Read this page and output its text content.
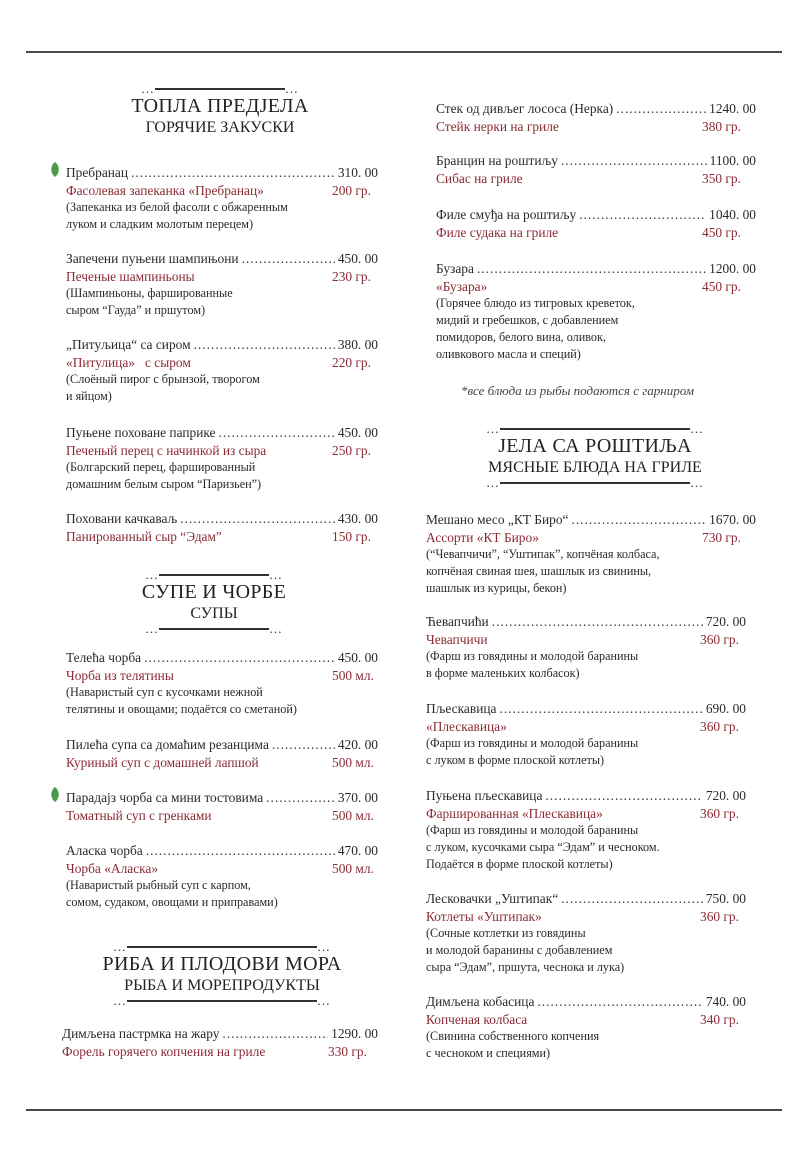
…	…
ТОПЛА ПРЕДЈЕЛА
ГОРЯЧИЕ ЗАКУСКИ
Пребранац .....	310. 00
Фасолевая запеканка «Пребранац»	200 гр.
(Запеканка из белой фасоли с обжаренным
луком и сладким молотым перецем)
Запечени пуњени шампињони .....	450. 00
Печеные шампиньоны	230 гр.
(Шампиньоны, фаршированные
сыром “Гауда” и пршутом)
„Питуљица“ са сиром .....	380. 00
«Питулица»   с сыром	220 гр.
(Слоёный пирог с брынзой, творогом
и яйцом)
Пуњене поховане паприке .....	450. 00
Печеный перец с начинкой из сыра	250 гр.
(Болгарский перец, фаршированный
домашним белым сыром “Паризьен”)
Поховани качкаваљ .....	430. 00
Панированный сыр “Эдам”	150 гр.
…	…
СУПЕ И ЧОРБЕ
СУПЫ
…	…
Телећа чорба .....	450. 00
Чорба из телятины	500 мл.
(Наваристый суп с кусочками нежной
телятины и овощами; подаётся со сметаной)
Пилећа супа са домаћим резанцима .....	420. 00
Куриный суп с домашней лапшой	500 мл.
Парадајз чорба са мини тостовима .....	370. 00
Томатный суп с гренками	500 мл.
Аласка чорба .....	470. 00
Чорба «Аласка»	500 мл.
(Наваристый рыбный суп с карпом,
сомом, судаком, овощами и приправами)
…	…
РИБА И ПЛОДОВИ МОРА
РЫБА И МОРЕПРОДУКТЫ
…	…
Димљена пастрмка на жару .....	1290. 00
Форель горячего копчения на гриле	330 гр.
Стек од дивљег лососа (Нерка) .....	1240. 00
Стейк нерки на гриле	380 гр.
Бранцин на роштиљу .....	1100. 00
Сибас на гриле	350 гр.
Филе смуђа на роштиљу .....	1040. 00
Филе судака на гриле	450 гр.
Бузара .....	1200. 00
«Бузара»	450 гр.
(Горячее блюдо из тигровых креветок,
мидий и гребешков, с добавлением
помидоров, белого вина, оливок,
оливкового масла и специй)
*все блюда из рыбы подаются с гарниром
…	…
ЈЕЛА СА РОШТИЉА
МЯСНЫЕ БЛЮДА НА ГРИЛЕ
…	…
Мешано месо „КТ Биро“ .....	1670. 00
Ассорти «КТ Биро»	730 гр.
(“Чевапчичи”, “Уштипак”, копчёная колбаса,
копчёная свиная шея, шашлык из свинины,
шашлык из курицы, бекон)
Ћевапчићи .....	720. 00
Чевапчичи	360 гр.
(Фарш из говядины и молодой баранины
в форме маленьких колбасок)
Пљескавица .....	690. 00
«Плескавица»	360 гр.
(Фарш из говядины и молодой баранины
с луком в форме плоской котлеты)
Пуњена пљескавица .....	720. 00
Фаршированная «Плескавица»	360 гр.
(Фарш из говядины и молодой баранины
с луком, кусочками сыра “Эдам” и чесноком.
Подаётся в форме плоской котлеты)
Лесковачки „Уштипак“ .....	750. 00
Котлеты «Уштипак»	360 гр.
(Сочные котлетки из говядины
и молодой баранины с добавлением
сыра “Эдам”, пршута, чеснока и лука)
Димљена кобасица .....	740. 00
Копченая колбаса	340 гр.
(Свинина собственного копчения
с чесноком и специями)
